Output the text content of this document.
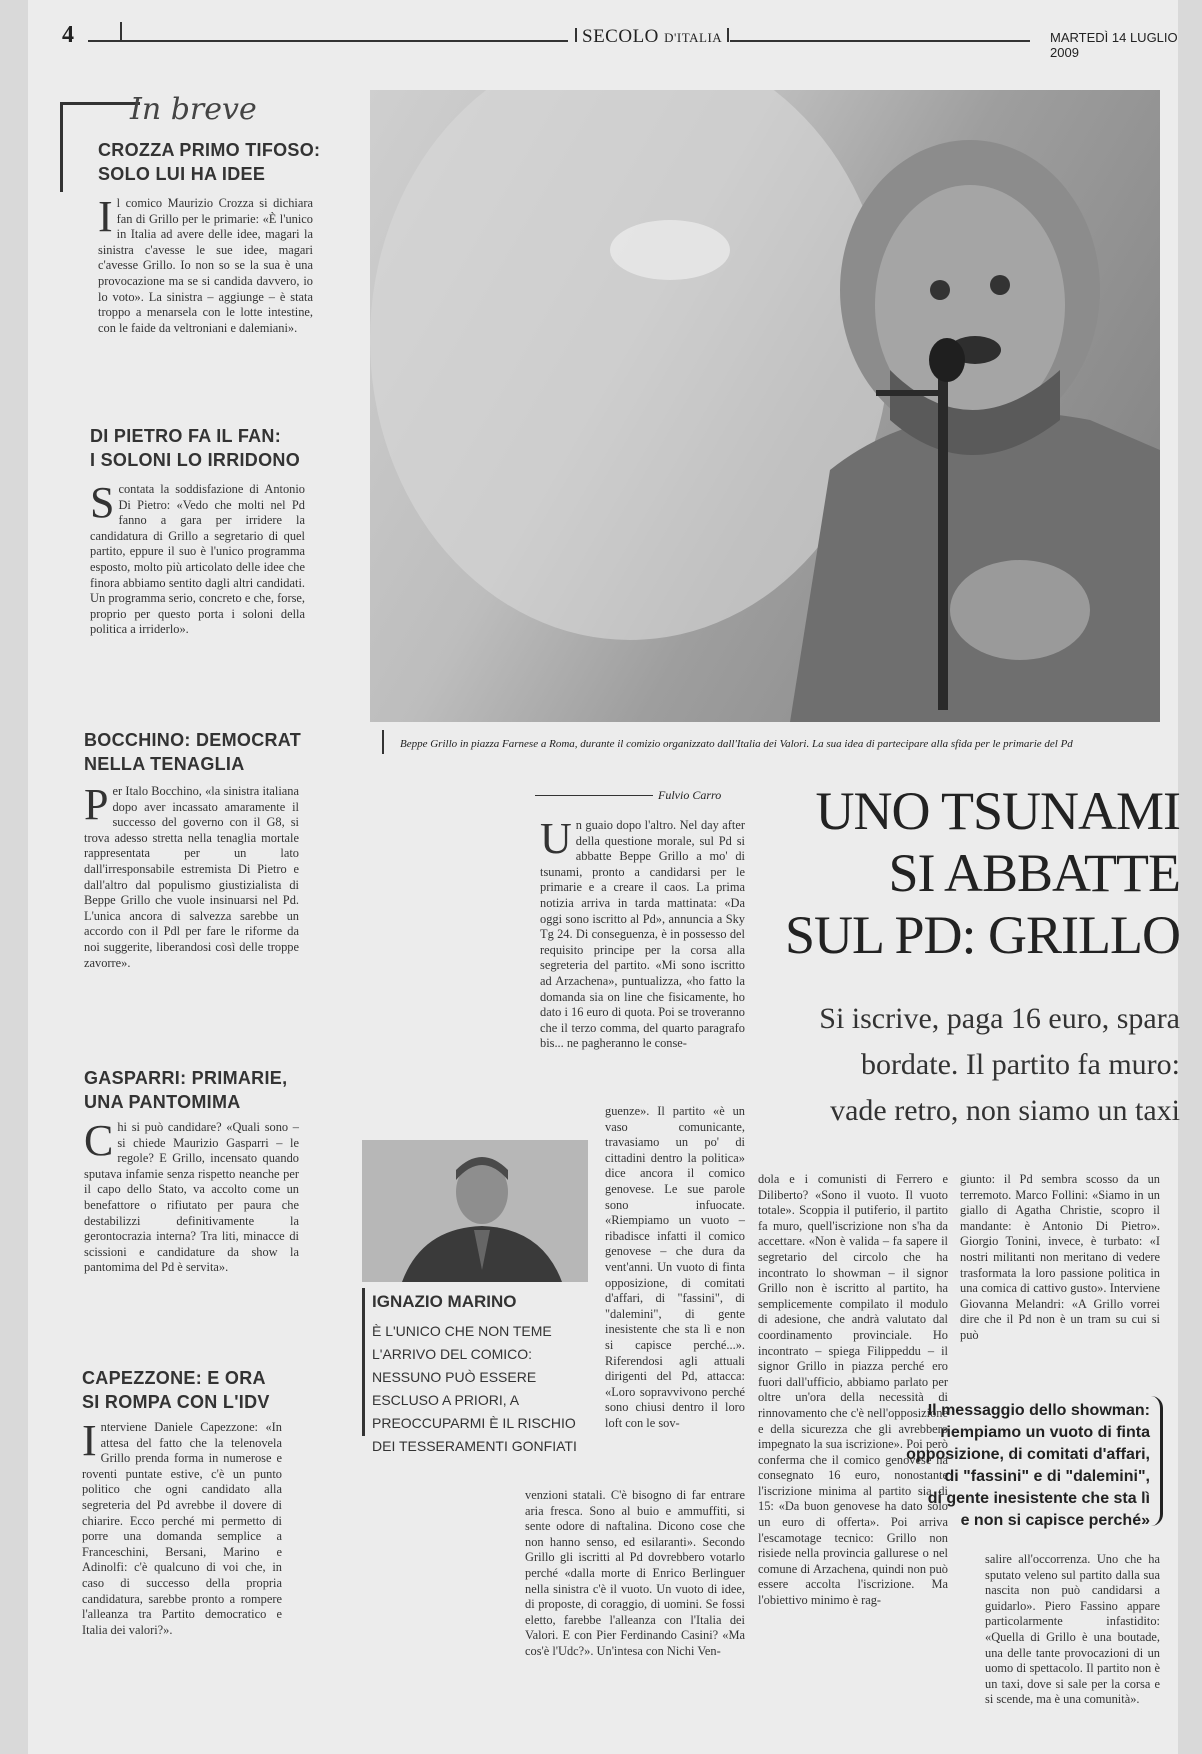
4	SECOLO D'ITALIA	MARTEDÌ 14 LUGLIO 2009
In breve
CROZZA PRIMO TIFOSO:
SOLO LUI HA IDEE

Il comico Maurizio Crozza si dichiara fan di Grillo per le primarie: «È l'unico in Italia ad avere delle idee, magari la sinistra c'avesse le sue idee, magari c'avesse Grillo. Io non so se la sua è una provocazione ma se si candida davvero, io lo voto». La sinistra – aggiunge – è stata troppo a menarsela con le lotte intestine, con le faide da veltroniani e dalemiani».

DI PIETRO FA IL FAN:
I SOLONI LO IRRIDONO

Scontata la soddisfazione di Antonio Di Pietro: «Vedo che molti nel Pd fanno a gara per irridere la candidatura di Grillo a segretario di quel partito, eppure il suo è l'unico programma esposto, molto più articolato delle idee che finora abbiamo sentito dagli altri candidati. Un programma serio, concreto e che, forse, proprio per questo porta i soloni della politica a irriderlo».

BOCCHINO: DEMOCRAT
NELLA TENAGLIA

Per Italo Bocchino, «la sinistra italiana dopo aver incassato amaramente il successo del governo con il G8, si trova adesso stretta nella tenaglia mortale rappresentata per un lato dall'irresponsabile estremista Di Pietro e dall'altro dal populismo giustizialista di Beppe Grillo che vuole insinuarsi nel Pd. L'unica ancora di salvezza sarebbe un accordo con il Pdl per fare le riforme da noi suggerite, liberandosi così delle troppe zavorre».

GASPARRI: PRIMARIE,
UNA PANTOMIMA

Chi si può candidare? «Quali sono – si chiede Maurizio Gasparri – le regole? E Grillo, incensato quando sputava infamie senza rispetto neanche per il capo dello Stato, va accolto come un benefattore o rifiutato per paura che destabilizzi definitivamente la gerontocrazia interna? Tra liti, minacce di scissioni e candidature da show la pantomima del Pd è servita».

CAPEZZONE: E ORA
SI ROMPA CON L'IDV

Interviene Daniele Capezzone: «In attesa del fatto che la telenovela Grillo prenda forma in numerose e roventi puntate estive, c'è un punto politico che ogni candidato alla segreteria del Pd avrebbe il dovere di chiarire. Ecco perché mi permetto di porre una domanda semplice a Franceschini, Bersani, Marino e Adinolfi: c'è qualcuno di voi che, in caso di successo della propria candidatura, sarebbe pronto a rompere l'alleanza tra Partito democratico e Italia dei valori?».

Beppe Grillo in piazza Farnese a Roma, durante il comizio organizzato dall'Italia dei Valori. La sua idea di partecipare alla sfida per le primarie del Pd
Fulvio Carro	UNO TSUNAMI
SI ABBATTE
SUL PD: GRILLO
Si iscrive, paga 16 euro, spara
bordate. Il partito fa muro:
vade retro, non siamo un taxi

Un guaio dopo l'altro. Nel day after della questione morale, sul Pd si abbatte Beppe Grillo a mo' di tsunami, pronto a candidarsi per le primarie e a creare il caos. La prima notizia arriva in tarda mattinata: «Da oggi sono iscritto al Pd», annuncia a Sky Tg 24. Di conseguenza, è in possesso del requisito principe per la corsa alla segreteria del partito. «Mi sono iscritto ad Arzachena», puntualizza, «ho fatto la domanda sia on line che fisicamente, ho dato i 16 euro di quota. Poi se troveranno che il terzo comma, del quarto paragrafo bis... ne pagheranno le conse-

guenze». Il partito «è un vaso comunicante, travasiamo un po' di cittadini dentro la politica» dice ancora il comico genovese. Le sue parole sono infuocate. «Riempiamo un vuoto – ribadisce infatti il comico genovese – che dura da vent'anni. Un vuoto di finta opposizione, di comitati d'affari, di "fassini", di "dalemini", di gente inesistente che sta lì e non si capisce perché...». Riferendosi agli attuali dirigenti del Pd, attacca: «Loro sopravvivono perché sono chiusi dentro il loro loft con le sov-

venzioni statali. C'è bisogno di far entrare aria fresca. Sono al buio e ammuffiti, si sente odore di naftalina. Dicono cose che non hanno senso, ed esilaranti». Secondo Grillo gli iscritti al Pd dovrebbero votarlo perché «dalla morte di Enrico Berlinguer nella sinistra c'è il vuoto. Un vuoto di idee, di proposte, di coraggio, di uomini. Se fossi eletto, farebbe l'alleanza con l'Italia dei Valori. E con Pier Ferdinando Casini? «Ma cos'è l'Udc?». Un'intesa con Nichi Ven-

dola e i comunisti di Ferrero e Diliberto? «Sono il vuoto. Il vuoto totale». Scoppia il putiferio, il partito fa muro, quell'iscrizione non s'ha da accettare. «Non è valida – fa sapere il segretario del circolo che ha incontrato lo showman – il signor Grillo non è iscritto al partito, ha semplicemente compilato il modulo di adesione, che andrà valutato dal coordinamento provinciale. Ho incontrato – spiega Filippeddu – il signor Grillo in piazza perché ero fuori dall'ufficio, abbiamo parlato per oltre un'ora della necessità di rinnovamento che c'è nell'opposizione e della sicurezza che gli avrebbero impegnato la sua iscrizione». Poi però conferma che il comico genovese ha consegnato 16 euro, nonostante l'iscrizione minima al partito sia di 15: «Da buon genovese ha dato solo un euro di offerta». Poi arriva l'escamotage tecnico: Grillo non risiede nella provincia gallurese o nel comune di Arzachena, quindi non può essere accolta l'iscrizione. Ma l'obiettivo minimo è rag-

giunto: il Pd sembra scosso da un terremoto. Marco Follini: «Siamo in un giallo di Agatha Christie, scopro il mandante: è Antonio Di Pietro». Giorgio Tonini, invece, è turbato: «I nostri militanti non meritano di vedere trasformata la loro passione politica in una comica di cattivo gusto». Interviene Giovanna Melandri: «A Grillo vorrei dire che il Pd non è un tram su cui si può

salire all'occorrenza. Uno che ha sputato veleno sul partito dalla sua nascita non può candidarsi a guidarlo». Piero Fassino appare particolarmente infastidito: «Quella di Grillo è una boutade, una delle tante provocazioni di un uomo di spettacolo. Il partito non è un taxi, dove si sale per la corsa e si scende, ma è una comunità».

IGNAZIO MARINO

È L'UNICO CHE NON TEME L'ARRIVO DEL COMICO: NESSUNO PUÒ ESSERE ESCLUSO A PRIORI, A PREOCCUPARMI È IL RISCHIO DEI TESSERAMENTI GONFIATI

Il messaggio dello showman:
riempiamo un vuoto di finta
opposizione, di comitati d'affari,
di "fassini" e di "dalemini",
di gente inesistente che sta lì
e non si capisce perché»
